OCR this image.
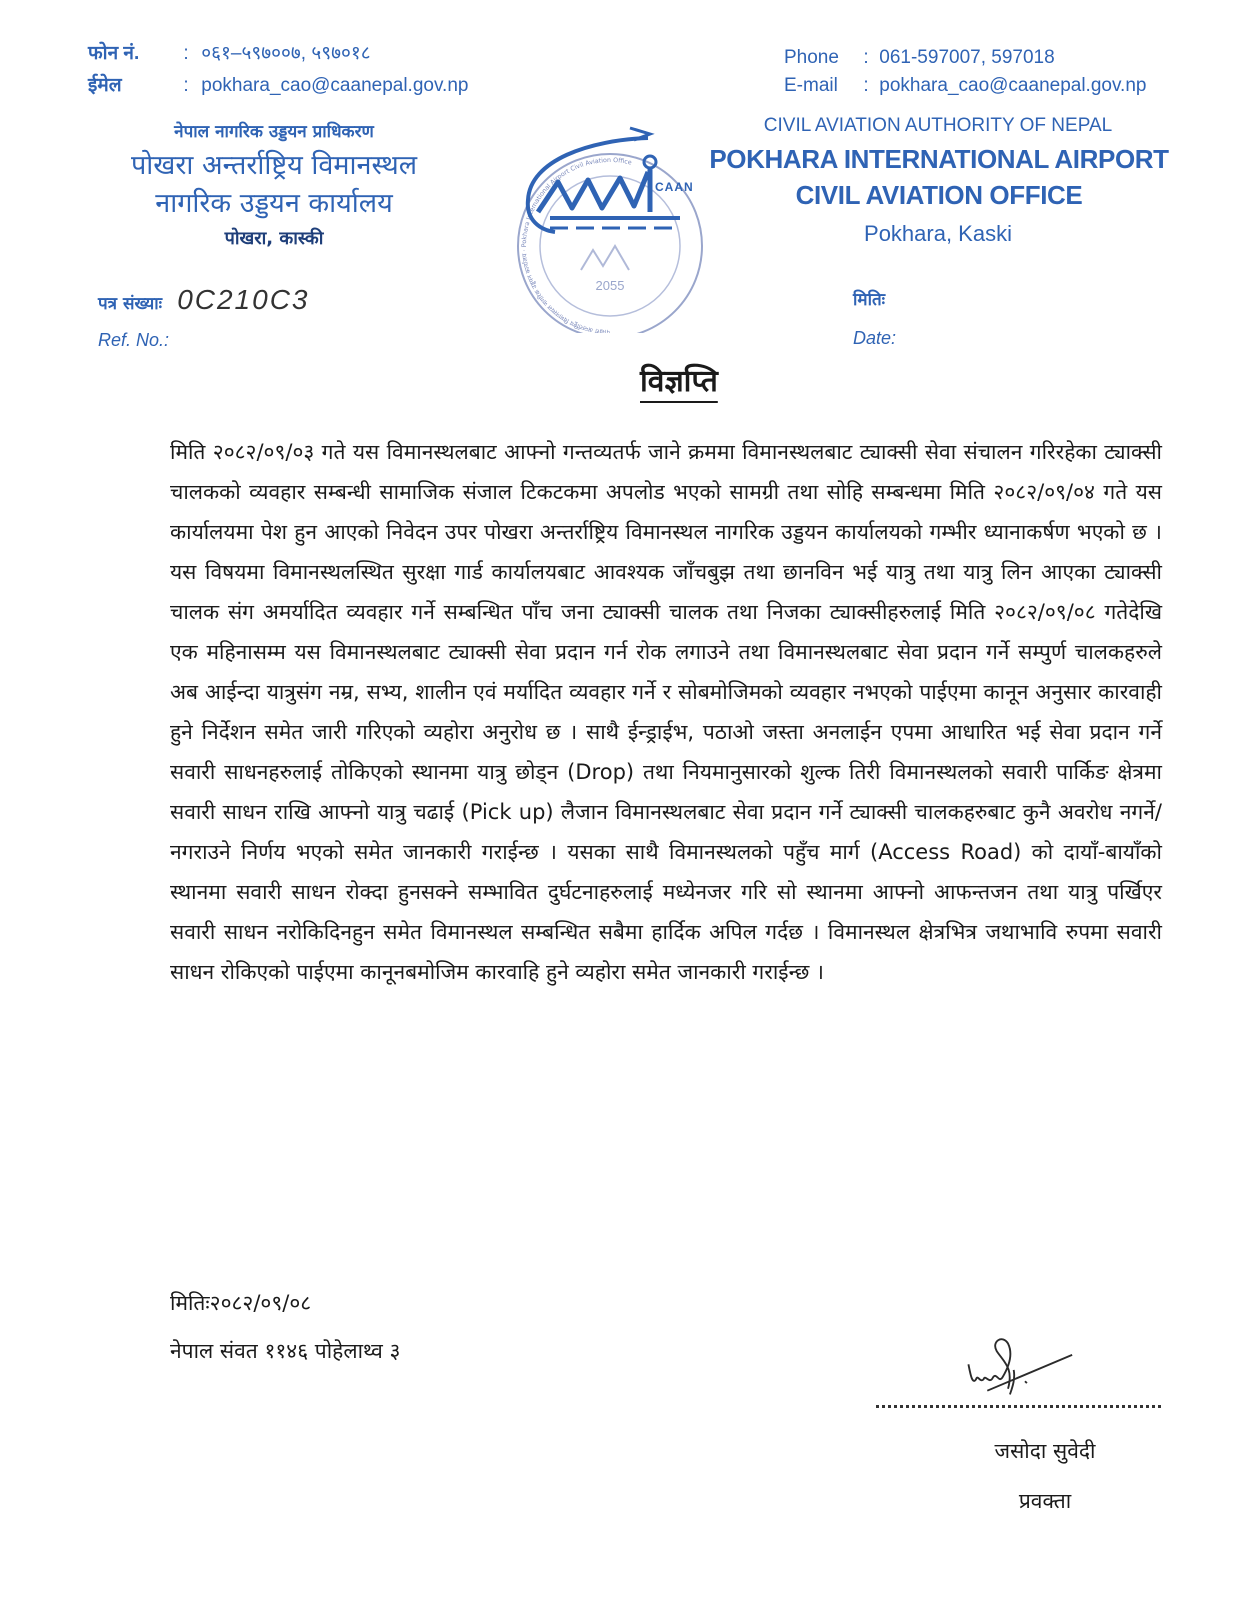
फोन नं. : ०६१–५९७००७, ५९७०१८
ईमेल	: pokhara_cao@caanepal.gov.np
नेपाल नागरिक उड्डयन प्राधिकरण
पोखरा अन्तर्राष्ट्रिय विमानस्थल
नागरिक उड्डयन कार्यालय
पोखरा, कास्की
पत्र संख्याः 0C210C3
Ref. No.:	पोखरा अन्तर्राष्ट्रिय विमानस्थल नागरिक उड्डयन कार्यालय · Pokhara International Airport Civil Aviation Office
2055
CAAN
Phone : 061-597007, 597018
E-mail : pokhara_cao@caanepal.gov.np
CIVIL AVIATION AUTHORITY OF NEPAL
POKHARA INTERNATIONAL AIRPORT
CIVIL AVIATION OFFICE
Pokhara, Kaski
मितिः
Date:
विज्ञप्ति
मिति २०८२/०९/०३ गते यस विमानस्थलबाट आफ्नो गन्तव्यतर्फ जाने क्रममा विमानस्थलबाट ट्याक्सी सेवा संचालन गरिरहेका ट्याक्सी चालकको व्यवहार सम्बन्धी सामाजिक संजाल टिकटकमा अपलोड भएको सामग्री तथा सोहि सम्बन्धमा मिति २०८२/०९/०४ गते यस कार्यालयमा पेश हुन आएको निवेदन उपर पोखरा अन्तर्राष्ट्रिय विमानस्थल नागरिक उड्डयन कार्यालयको गम्भीर ध्यानाकर्षण भएको छ । यस विषयमा विमानस्थलस्थित सुरक्षा गार्ड कार्यालयबाट आवश्यक जाँचबुझ तथा छानविन भई यात्रु तथा यात्रु लिन आएका ट्याक्सी चालक संग अमर्यादित व्यवहार गर्ने सम्बन्धित पाँच जना ट्याक्सी चालक तथा निजका ट्याक्सीहरुलाई मिति २०८२/०९/०८ गतेदेखि एक महिनासम्म यस विमानस्थलबाट ट्याक्सी सेवा प्रदान गर्न रोक लगाउने तथा विमानस्थलबाट सेवा प्रदान गर्ने सम्पुर्ण चालकहरुले अब आईन्दा यात्रुसंग नम्र, सभ्य, शालीन एवं मर्यादित व्यवहार गर्ने र सोबमोजिमको व्यवहार नभएको पाईएमा कानून अनुसार कारवाही हुने निर्देशन समेत जारी गरिएको व्यहोरा अनुरोध छ । साथै ईन्ड्राईभ, पठाओ जस्ता अनलाईन एपमा आधारित भई सेवा प्रदान गर्ने सवारी साधनहरुलाई तोकिएको स्थानमा यात्रु छोड्न (Drop) तथा नियमानुसारको शुल्क तिरी विमानस्थलको सवारी पार्किङ क्षेत्रमा सवारी साधन राखि आफ्नो यात्रु चढाई (Pick up) लैजान विमानस्थलबाट सेवा प्रदान गर्ने ट्याक्सी चालकहरुबाट कुनै अवरोध नगर्ने/नगराउने निर्णय भएको समेत जानकारी गराईन्छ । यसका साथै विमानस्थलको पहुँच मार्ग (Access Road) को दायाँ-बायाँको स्थानमा सवारी साधन रोक्दा हुनसक्ने सम्भावित दुर्घटनाहरुलाई मध्येनजर गरि सो स्थानमा आफ्नो आफन्तजन तथा यात्रु पर्खिएर सवारी साधन नरोकिदिनहुन समेत विमानस्थल सम्बन्धित सबैमा हार्दिक अपिल गर्दछ । विमानस्थल क्षेत्रभित्र जथाभावि रुपमा सवारी साधन रोकिएको पाईएमा कानूनबमोजिम कारवाहि हुने व्यहोरा समेत जानकारी गराईन्छ ।
मितिः२०८२/०९/०८
नेपाल संवत ११४६ पोहेलाथ्व ३
जसोदा सुवेदी
प्रवक्ता
